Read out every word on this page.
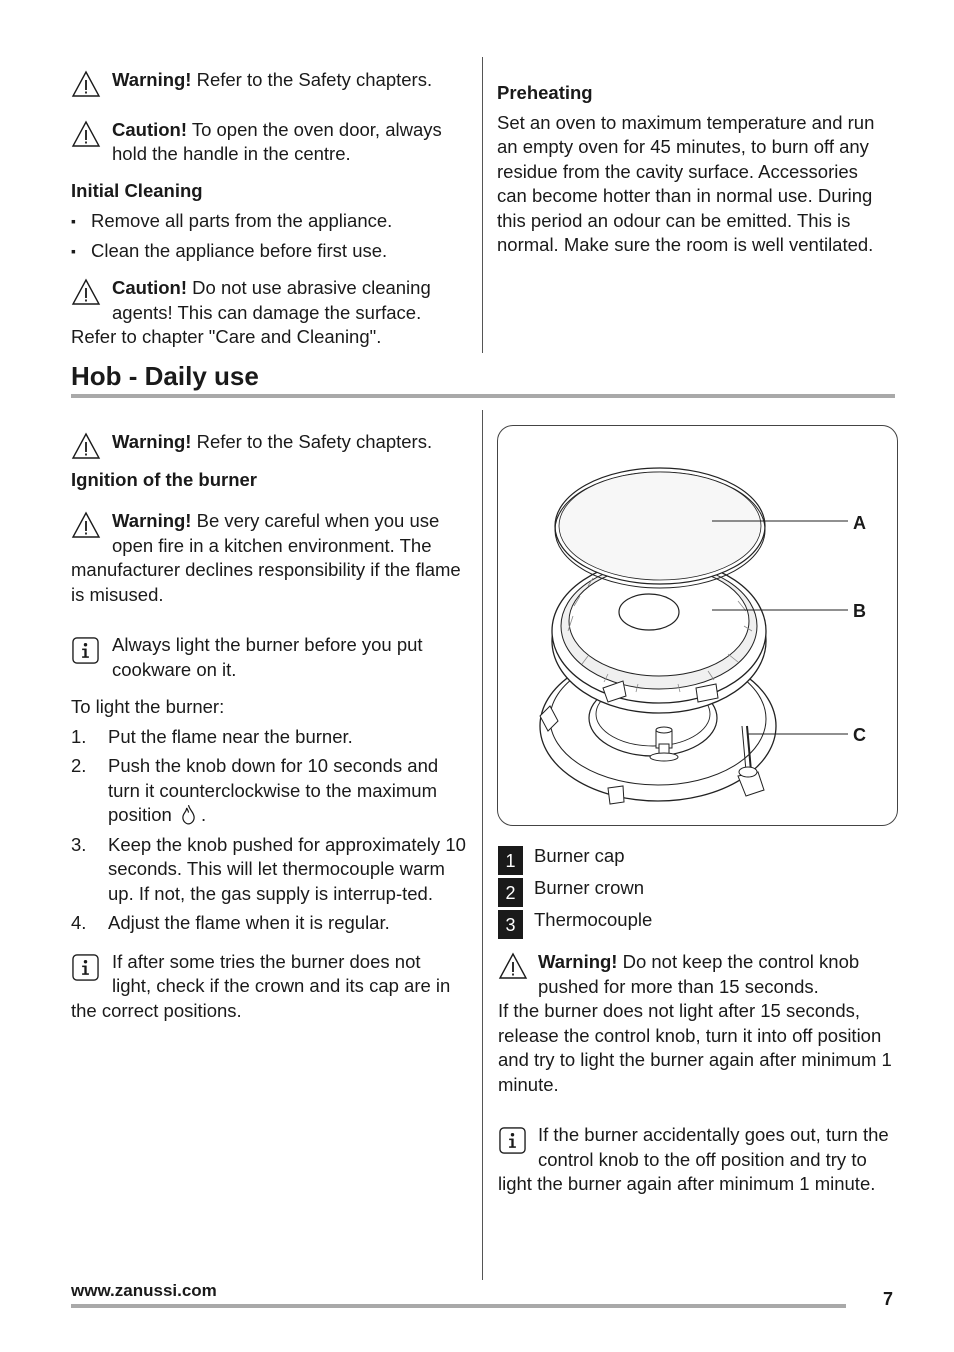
Warning! Refer to the Safety chapters.
Caution! To open the oven door, always hold the handle in the centre.
Initial Cleaning
▪ Remove all parts from the appliance.
▪ Clean the appliance before first use.
Caution! Do not use abrasive cleaning
agents! This can damage the surface.
Refer to chapter "Care and Cleaning".
Preheating
Set an oven to maximum temperature and run an empty oven for 45 minutes, to burn off any residue from the cavity surface. Accessories can become hotter than in normal use. During this period an odour can be emitted. This is normal. Make sure the room is well ventilated.
Hob - Daily use
Warning! Refer to the Safety chapters.
Ignition of the burner
Warning! Be very careful when you use
open fire in a kitchen environment. The
manufacturer declines responsibility if the flame is misused.
Always light the burner before you put
cookware on it.
To light the burner:
1. Put the flame near the burner.
2. Push the knob down for 10 seconds and turn it counterclockwise to the maximum position  .
3. Keep the knob pushed for approximately 10 seconds. This will let thermocouple warm up. If not, the gas supply is interrup-ted.
4. Adjust the flame when it is regular.
If after some tries the burner does not
light, check if the crown and its cap are in
the correct positions.
A
B
C
1	Burner cap
2	Burner crown
3	Thermocouple
Warning! Do not keep the control knob
pushed for more than 15 seconds.
If the burner does not light after 15 seconds, release the control knob, turn it into off position and try to light the burner again after minimum 1 minute.
If the burner accidentally goes out, turn the
control knob to the off position and try to
light the burner again after minimum 1 minute.
www.zanussi.com	7
